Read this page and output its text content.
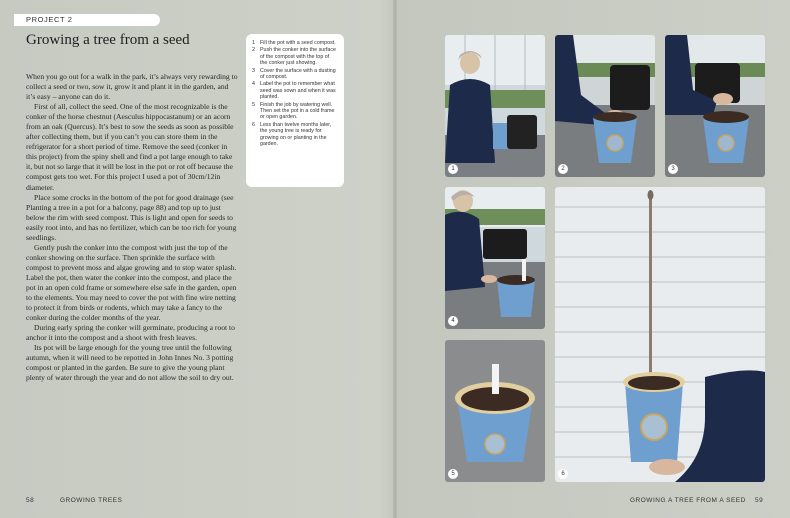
PROJECT 2
Growing a tree from a seed

When you go out for a walk in the park, it’s always very rewarding to collect a seed or two, sow it, grow it and plant it in the garden, and it’s easy – anyone can do it.

First of all, collect the seed. One of the most recognizable is the conker of the horse chestnut (Aesculus hippocastanum) or an acorn from an oak (Quercus). It’s best to sow the seeds as soon as possible after collecting them, but if you can’t you can store them in the refrigerator for a short period of time. Remove the seed (conker in this project) from the spiny shell and find a pot large enough to take it, but not so large that it will be lost in the pot or rot off because the compost gets too wet. For this project I used a pot of 30cm/12in diameter.

Place some crocks in the bottom of the pot for good drainage (see Planting a tree in a pot for a balcony, page 88) and top up to just below the rim with seed compost. This is light and open for seeds to easily root into, and has no fertilizer, which can be too rich for young seedlings.

Gently push the conker into the compost with just the top of the conker showing on the surface. Then sprinkle the surface with compost to prevent moss and algae growing and to stop water splash. Label the pot, then water the conker into the compost, and place the pot in an open cold frame or somewhere else safe in the garden, open to the elements. You may need to cover the pot with fine wire netting to protect it from birds or rodents, which may take a fancy to the conker during the colder months of the year.

During early spring the conker will germinate, producing a root to anchor it into the compost and a shoot with fresh leaves.

Its pot will be large enough for the young tree until the following autumn, when it will need to be repotted in John Innes No. 3 potting compost or planted in the garden. Be sure to give the young plant plenty of water through the year and do not allow the soil to dry out.

1 Fill the pot with a seed compost.
2 Push the conker into the surface of the compost with the top of the conker just showing.
3 Cover the surface with a dusting of compost.
4 Label the pot to remember what seed was sown and when it was planted.
5 Finish the job by watering well. Then set the pot in a cold frame or open garden.
6 Less than twelve months later, the young tree is ready for growing on or planting in the garden.
1	2	3
4
5	6
58	GROWING TREES	GROWING A TREE FROM A SEED 59
